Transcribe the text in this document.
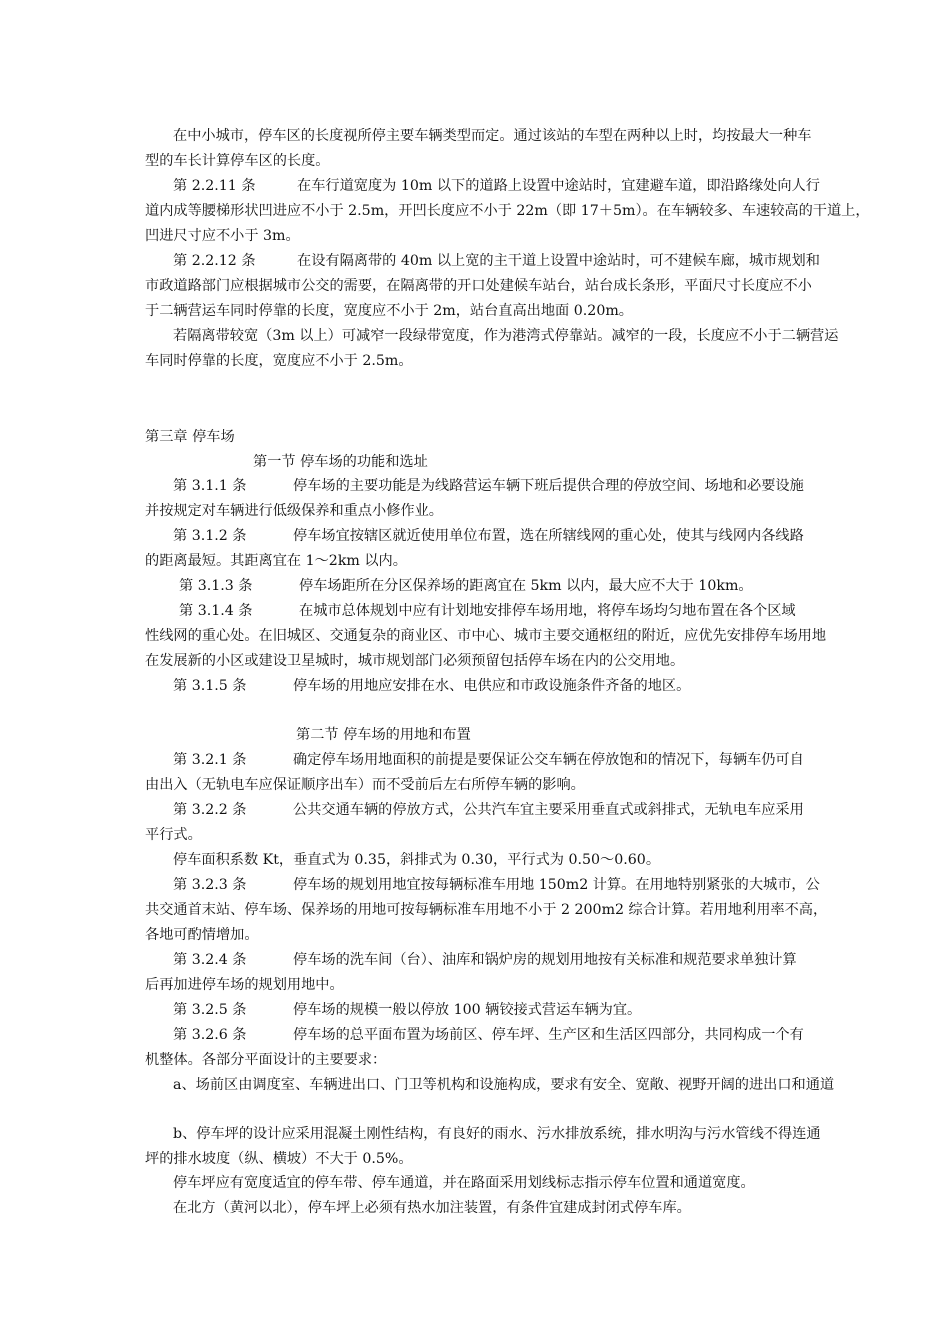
在中小城市，停车区的长度视所停主要车辆类型而定。通过该站的车型在两种以上时，均按最大一种车
型的车长计算停车区的长度。
第 2.2.11 条	在车行道宽度为 10m 以下的道路上设置中途站时，宜建避车道，即沿路缘处向人行
道内成等腰梯形状凹进应不小于 2.5m，开凹长度应不小于 22m（即 17＋5m）。在车辆较多、车速较高的干道上，
凹进尺寸应不小于 3m。
第 2.2.12 条	在设有隔离带的 40m 以上宽的主干道上设置中途站时，可不建候车廊，城市规划和
市政道路部门应根据城市公交的需要，在隔离带的开口处建候车站台，站台成长条形，平面尺寸长度应不小
于二辆营运车同时停靠的长度，宽度应不小于 2m，站台直高出地面 0.20m。
若隔离带较宽（3m 以上）可减窄一段绿带宽度，作为港湾式停靠站。减窄的一段，长度应不小于二辆营运
车同时停靠的长度，宽度应不小于 2.5m。
第三章 停车场
第一节 停车场的功能和选址
第 3.1.1 条	停车场的主要功能是为线路营运车辆下班后提供合理的停放空间、场地和必要设施
并按规定对车辆进行低级保养和重点小修作业。
第 3.1.2 条	停车场宜按辖区就近使用单位布置，选在所辖线网的重心处，使其与线网内各线路
的距离最短。其距离宜在 1～2km 以内。
第 3.1.3 条	停车场距所在分区保养场的距离宜在 5km 以内，最大应不大于 10km。
第 3.1.4 条	在城市总体规划中应有计划地安排停车场用地，将停车场均匀地布置在各个区域
性线网的重心处。在旧城区、交通复杂的商业区、市中心、城市主要交通枢纽的附近，应优先安排停车场用地
在发展新的小区或建设卫星城时，城市规划部门必须预留包括停车场在内的公交用地。
第 3.1.5 条	停车场的用地应安排在水、电供应和市政设施条件齐备的地区。
第二节 停车场的用地和布置
第 3.2.1 条	确定停车场用地面积的前提是要保证公交车辆在停放饱和的情况下，每辆车仍可自
由出入（无轨电车应保证顺序出车）而不受前后左右所停车辆的影响。
第 3.2.2 条	公共交通车辆的停放方式，公共汽车宜主要采用垂直式或斜排式，无轨电车应采用
平行式。
停车面积系数 Kt，垂直式为 0.35，斜排式为 0.30，平行式为 0.50～0.60。
第 3.2.3 条	停车场的规划用地宜按每辆标准车用地 150m2 计算。在用地特别紧张的大城市，公
共交通首末站、停车场、保养场的用地可按每辆标准车用地不小于 2 200m2 综合计算。若用地利用率不高，
各地可酌情增加。
第 3.2.4 条	停车场的洗车间（台）、油库和锅炉房的规划用地按有关标准和规范要求单独计算
后再加进停车场的规划用地中。
第 3.2.5 条	停车场的规模一般以停放 100 辆铰接式营运车辆为宜。
第 3.2.6 条	停车场的总平面布置为场前区、停车坪、生产区和生活区四部分，共同构成一个有
机整体。各部分平面设计的主要要求：
a、场前区由调度室、车辆进出口、门卫等机构和设施构成，要求有安全、宽敞、视野开阔的进出口和通道
b、停车坪的设计应采用混凝土刚性结构，有良好的雨水、污水排放系统，排水明沟与污水管线不得连通
坪的排水坡度（纵、横坡）不大于 0.5%。
停车坪应有宽度适宜的停车带、停车通道，并在路面采用划线标志指示停车位置和通道宽度。
在北方（黄河以北），停车坪上必须有热水加注装置，有条件宜建成封闭式停车库。
